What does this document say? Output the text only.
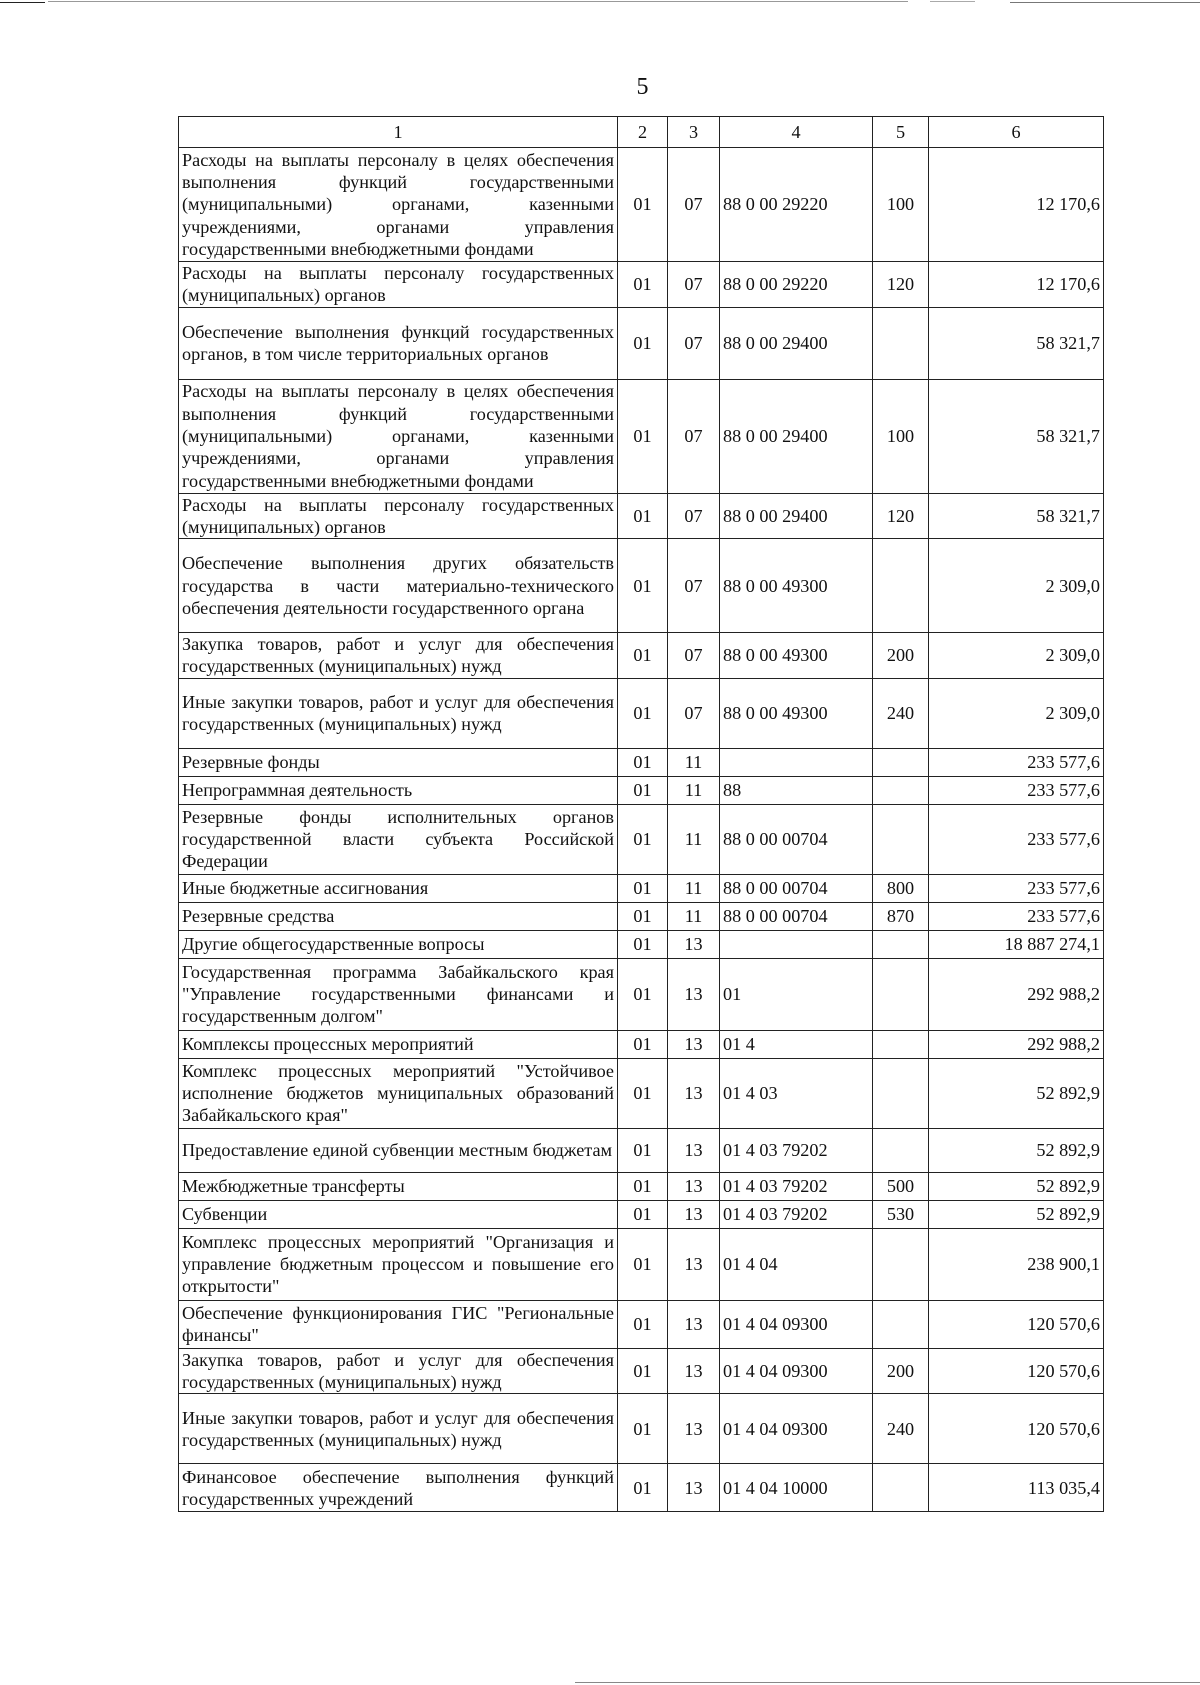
5
1	2	3	4	5	6
Расходы на выплаты персоналу в целях обеспечения выполнения функций государственными (муниципальными) органами, казенными учреждениями, органами управления государственными внебюджетными фондами	01	07	88 0 00 29220	100	12 170,6
Расходы на выплаты персоналу государственных (муниципальных) органов	01	07	88 0 00 29220	120	12 170,6
Обеспечение выполнения функций государственных органов, в том числе территориальных органов	01	07	88 0 00 29400		58 321,7
Расходы на выплаты персоналу в целях обеспечения выполнения функций государственными (муниципальными) органами, казенными учреждениями, органами управления государственными внебюджетными фондами	01	07	88 0 00 29400	100	58 321,7
Расходы на выплаты персоналу государственных (муниципальных) органов	01	07	88 0 00 29400	120	58 321,7
Обеспечение выполнения других обязательств государства в части материально-технического обеспечения деятельности государственного органа	01	07	88 0 00 49300		2 309,0
Закупка товаров, работ и услуг для обеспечения государственных (муниципальных) нужд	01	07	88 0 00 49300	200	2 309,0
Иные закупки товаров, работ и услуг для обеспечения государственных (муниципальных) нужд	01	07	88 0 00 49300	240	2 309,0
Резервные фонды	01	11			233 577,6
Непрограммная деятельность	01	11	88		233 577,6
Резервные фонды исполнительных органов государственной власти субъекта Российской Федерации	01	11	88 0 00 00704		233 577,6
Иные бюджетные ассигнования	01	11	88 0 00 00704	800	233 577,6
Резервные средства	01	11	88 0 00 00704	870	233 577,6
Другие общегосударственные вопросы	01	13			18 887 274,1
Государственная программа Забайкальского края "Управление государственными финансами и государственным долгом"	01	13	01		292 988,2
Комплексы процессных мероприятий	01	13	01 4		292 988,2
Комплекс процессных мероприятий "Устойчивое исполнение бюджетов муниципальных образований Забайкальского края"	01	13	01 4 03		52 892,9
Предоставление единой субвенции местным бюджетам	01	13	01 4 03 79202		52 892,9
Межбюджетные трансферты	01	13	01 4 03 79202	500	52 892,9
Субвенции	01	13	01 4 03 79202	530	52 892,9
Комплекс процессных мероприятий "Организация и управление бюджетным процессом и повышение его открытости"	01	13	01 4 04		238 900,1
Обеспечение функционирования ГИС "Региональные финансы"	01	13	01 4 04 09300		120 570,6
Закупка товаров, работ и услуг для обеспечения государственных (муниципальных) нужд	01	13	01 4 04 09300	200	120 570,6
Иные закупки товаров, работ и услуг для обеспечения государственных (муниципальных) нужд	01	13	01 4 04 09300	240	120 570,6
Финансовое обеспечение выполнения функций государственных учреждений	01	13	01 4 04 10000		113 035,4
